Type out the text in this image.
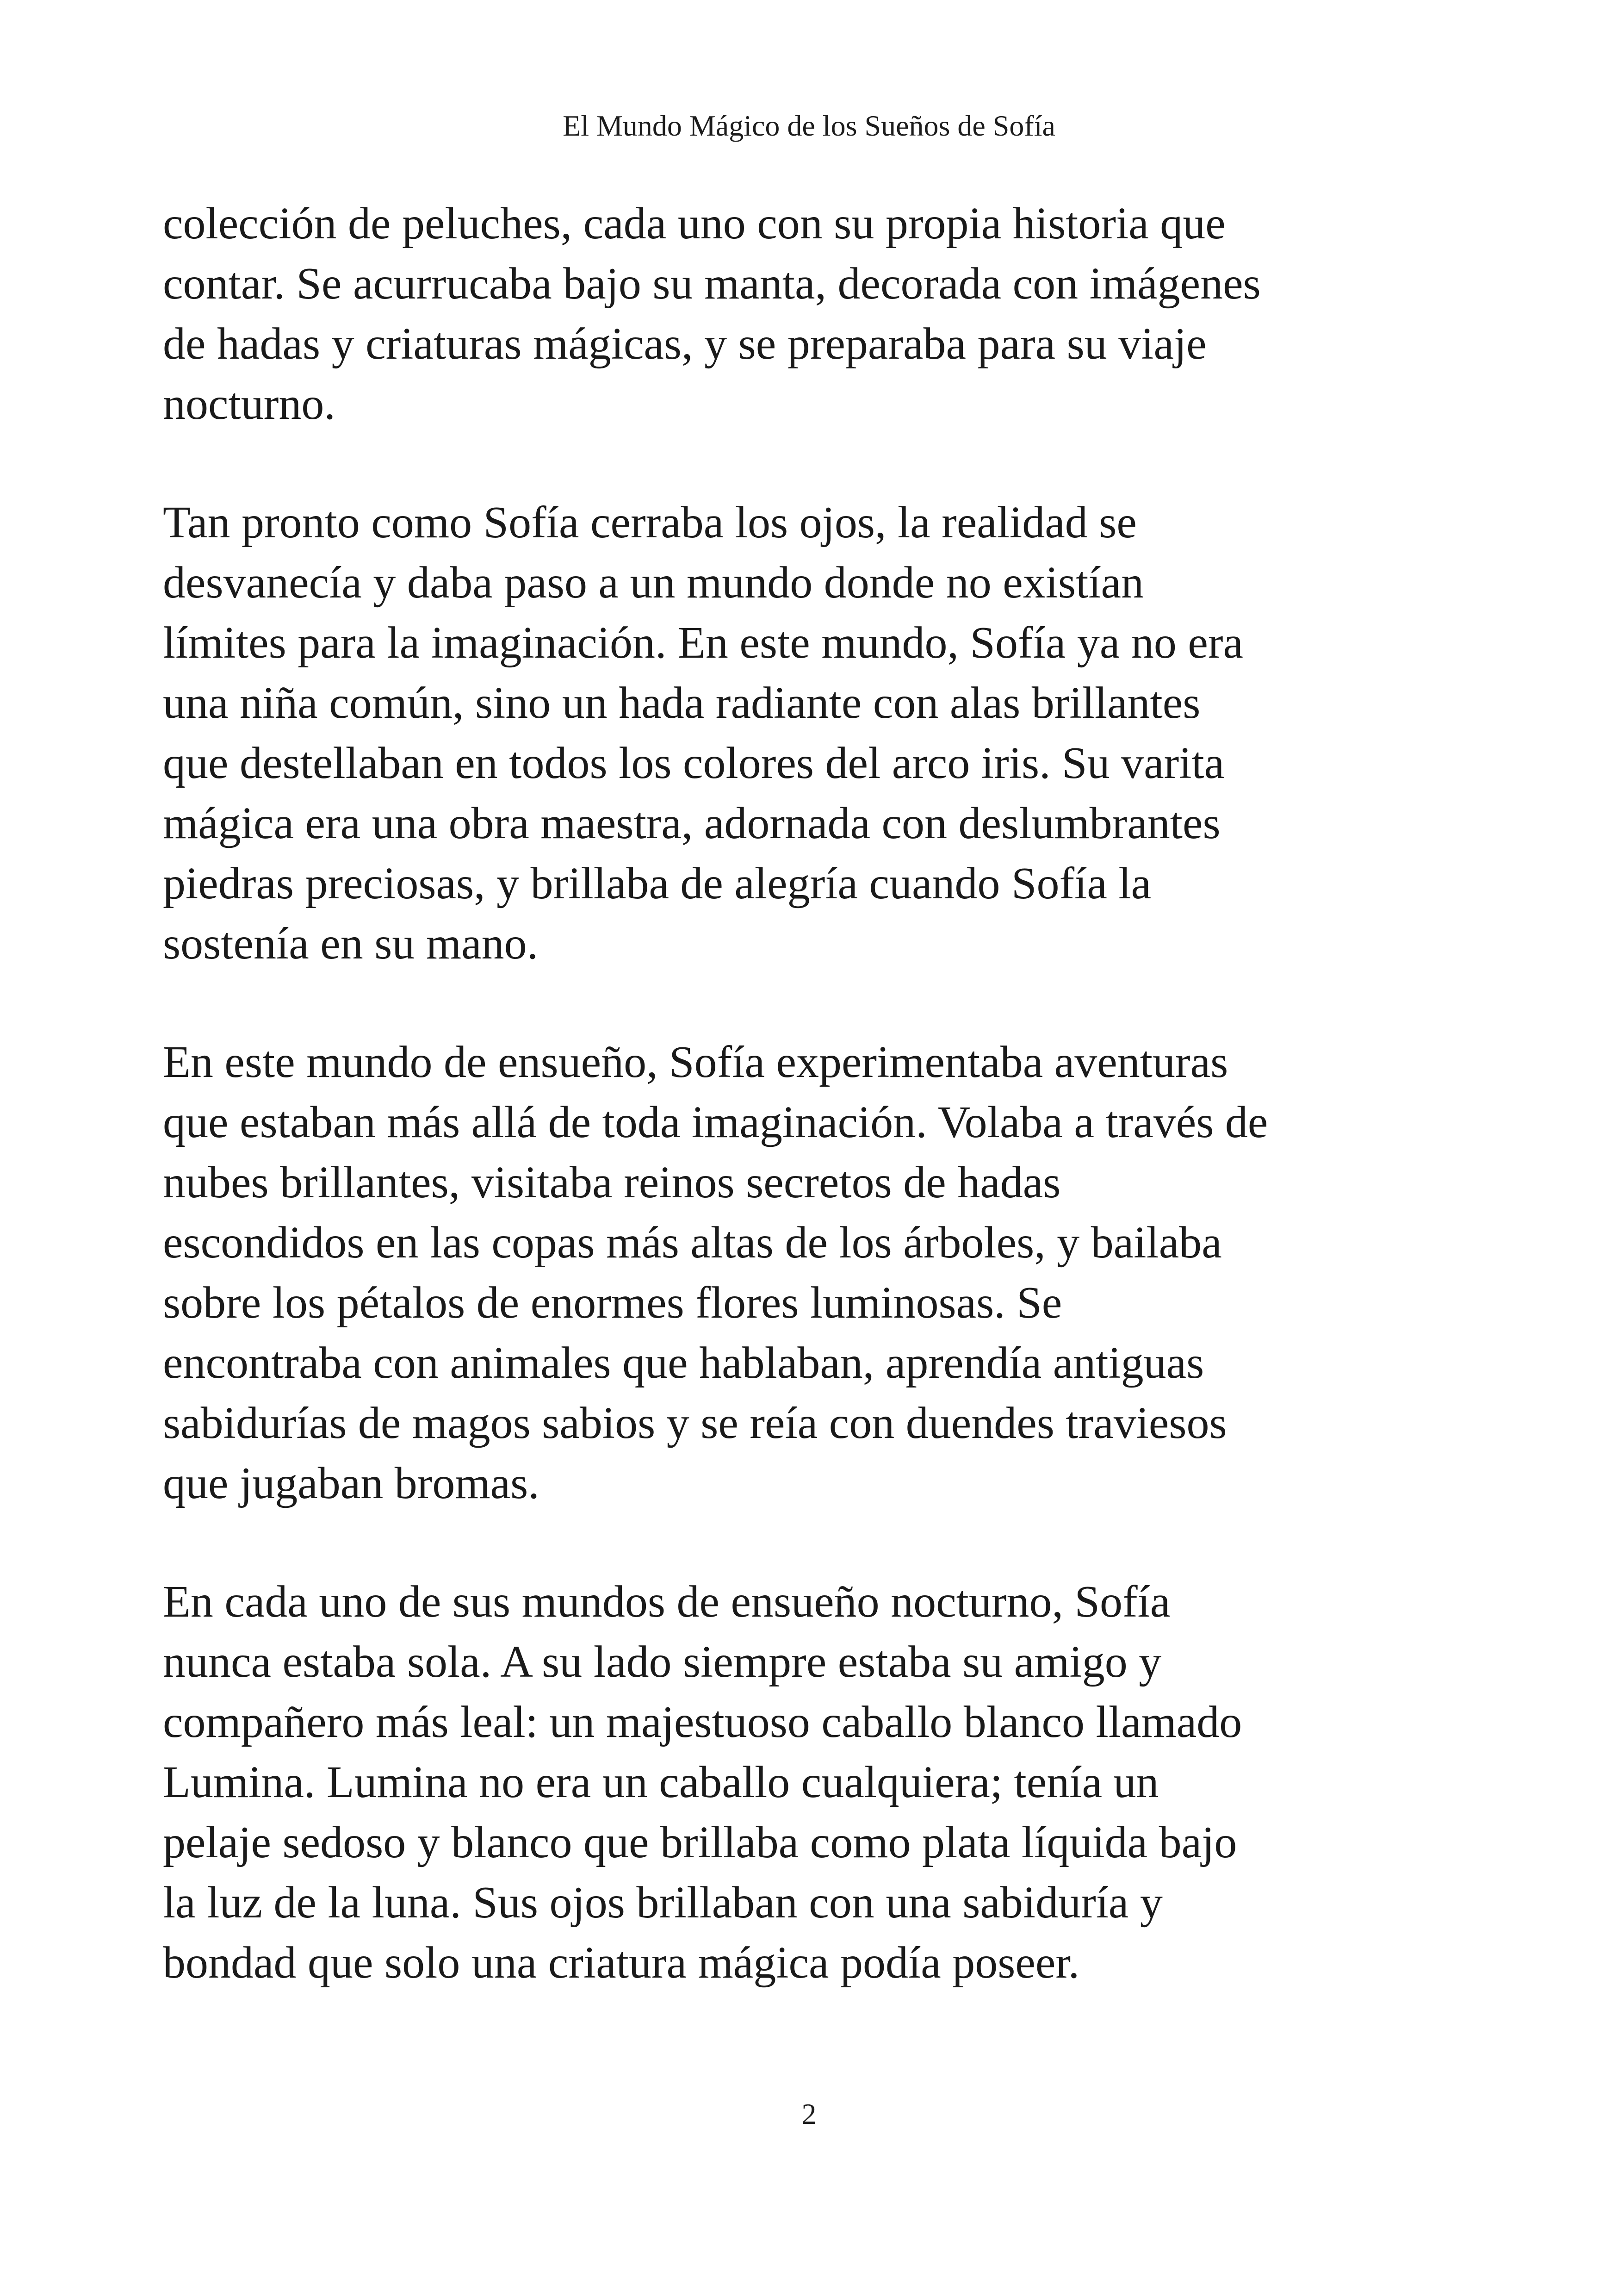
El Mundo Mágico de los Sueños de Sofía

colección de peluches, cada uno con su propia historia que
contar. Se acurrucaba bajo su manta, decorada con imágenes
de hadas y criaturas mágicas, y se preparaba para su viaje
nocturno.

Tan pronto como Sofía cerraba los ojos, la realidad se
desvanecía y daba paso a un mundo donde no existían
límites para la imaginación. En este mundo, Sofía ya no era
una niña común, sino un hada radiante con alas brillantes
que destellaban en todos los colores del arco iris. Su varita
mágica era una obra maestra, adornada con deslumbrantes
piedras preciosas, y brillaba de alegría cuando Sofía la
sostenía en su mano.

En este mundo de ensueño, Sofía experimentaba aventuras
que estaban más allá de toda imaginación. Volaba a través de
nubes brillantes, visitaba reinos secretos de hadas
escondidos en las copas más altas de los árboles, y bailaba
sobre los pétalos de enormes flores luminosas. Se
encontraba con animales que hablaban, aprendía antiguas
sabidurías de magos sabios y se reía con duendes traviesos
que jugaban bromas.

En cada uno de sus mundos de ensueño nocturno, Sofía
nunca estaba sola. A su lado siempre estaba su amigo y
compañero más leal: un majestuoso caballo blanco llamado
Lumina. Lumina no era un caballo cualquiera; tenía un
pelaje sedoso y blanco que brillaba como plata líquida bajo
la luz de la luna. Sus ojos brillaban con una sabiduría y
bondad que solo una criatura mágica podía poseer.

2
